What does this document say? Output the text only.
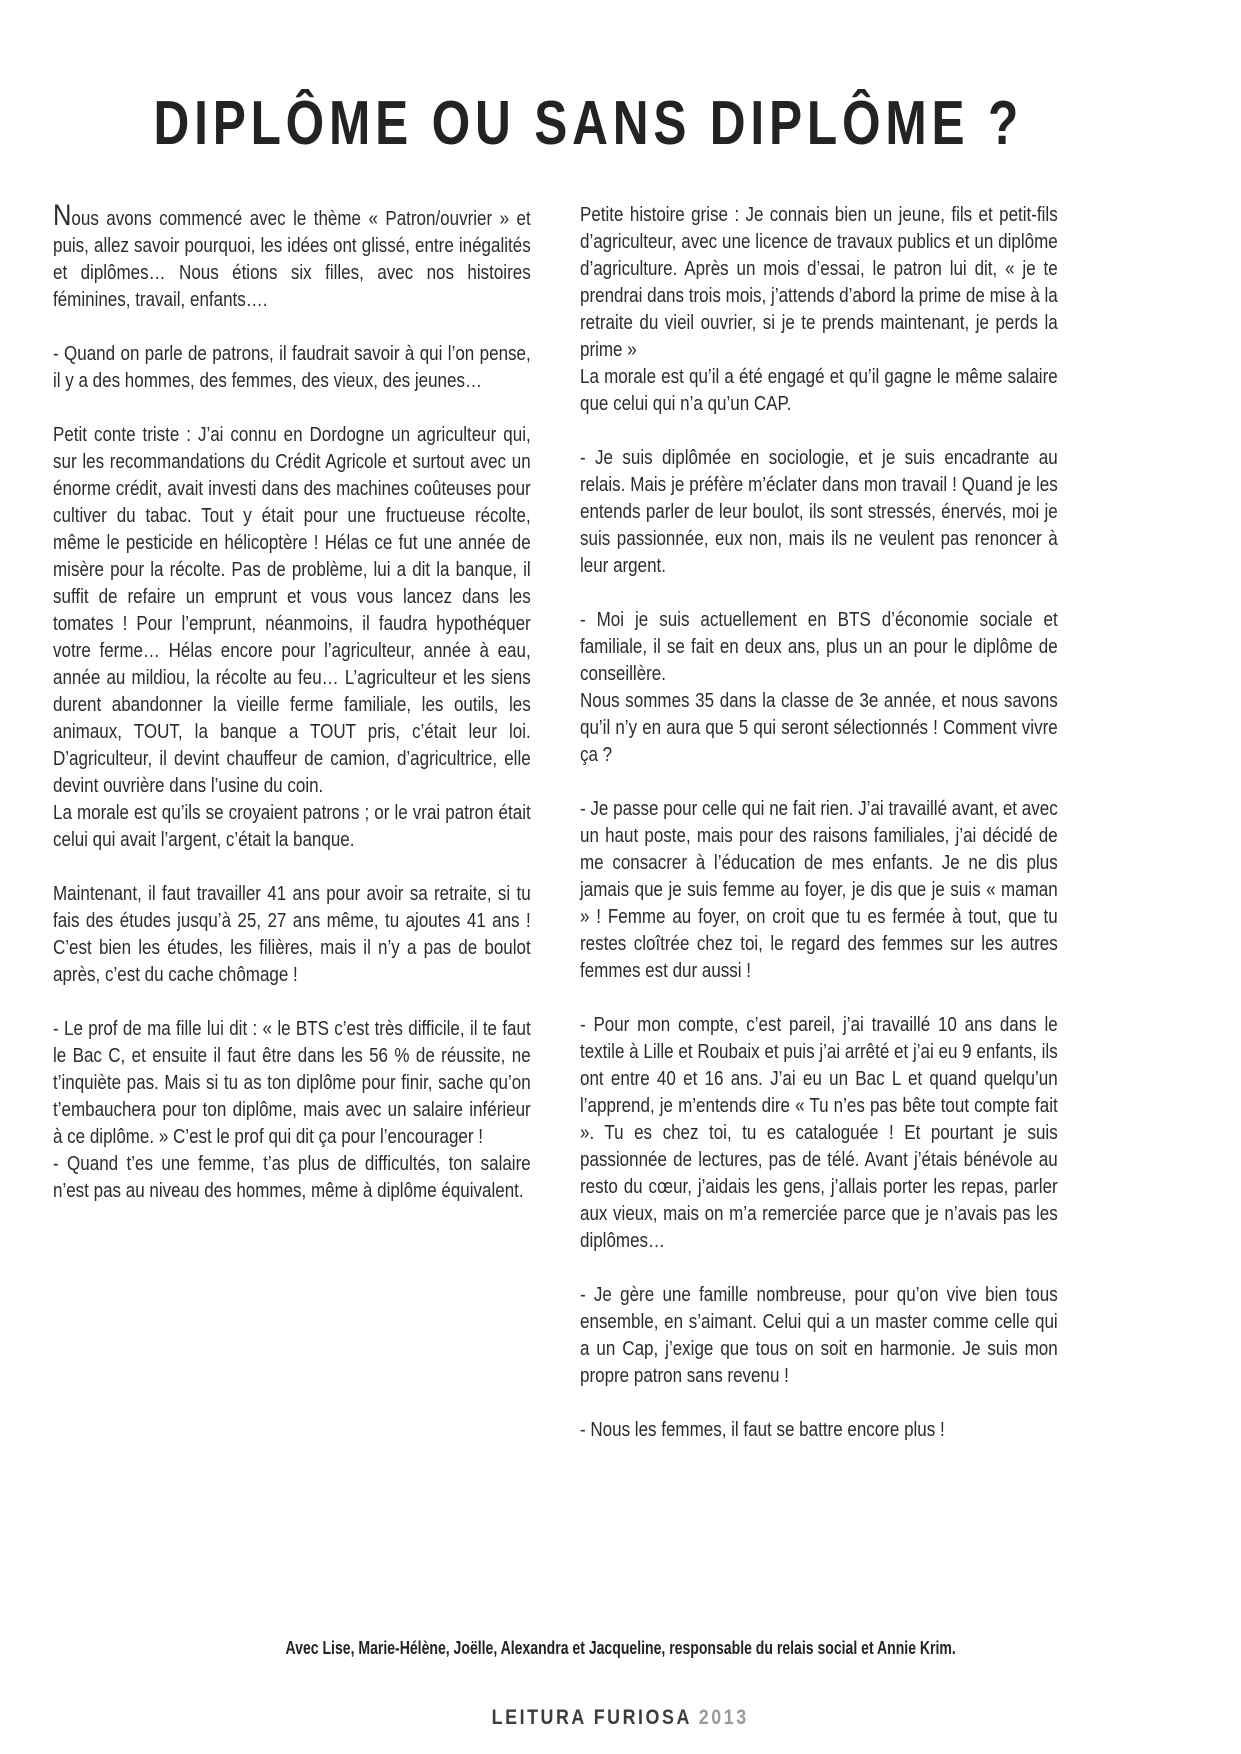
DIPLÔME OU SANS DIPLÔME ?

Nous avons commencé avec le thème « Patron/ouvrier » et puis, allez savoir pourquoi, les idées ont glissé, entre inégalités et diplômes… Nous étions six filles, avec nos histoires féminines, travail, enfants….

- Quand on parle de patrons, il faudrait savoir à qui l’on pense, il y a des hommes, des femmes, des vieux, des jeunes…

Petit conte triste : J’ai connu en Dordogne un agriculteur qui, sur les recommandations du Crédit Agricole et surtout avec un énorme crédit, avait investi dans des machines coûteuses pour cultiver du tabac. Tout y était pour une fructueuse récolte, même le pesticide en hélicoptère ! Hélas ce fut une année de misère pour la récolte. Pas de problème, lui a dit la banque, il suffit de refaire un emprunt et vous vous lancez dans les tomates ! Pour l’emprunt, néanmoins, il faudra hypothéquer votre ferme… Hélas encore pour l’agriculteur, année à eau, année au mildiou, la récolte au feu… L’agriculteur et les siens durent abandonner la vieille ferme familiale, les outils, les animaux, TOUT, la banque a TOUT pris, c’était leur loi. D’agriculteur, il devint chauffeur de camion, d’agricultrice, elle devint ouvrière dans l’usine du coin.

La morale est qu’ils se croyaient patrons ; or le vrai patron était celui qui avait l’argent, c’était la banque.

Maintenant, il faut travailler 41 ans pour avoir sa retraite, si tu fais des études jusqu’à 25, 27 ans même, tu ajoutes 41 ans ! C’est bien les études, les filières, mais il n’y a pas de boulot après, c’est du cache chômage !

- Le prof de ma fille lui dit : « le BTS c’est très difficile, il te faut le Bac C, et ensuite il faut être dans les 56 % de réussite, ne t’inquiète pas. Mais si tu as ton diplôme pour finir, sache qu’on t’embauchera pour ton diplôme, mais avec un salaire inférieur à ce diplôme. » C’est le prof qui dit ça pour l’encourager !

- Quand t’es une femme, t’as plus de difficultés, ton salaire n’est pas au niveau des hommes, même à diplôme équivalent.

Petite histoire grise : Je connais bien un jeune, fils et petit-fils d’agriculteur, avec une licence de travaux publics et un diplôme d’agriculture. Après un mois d’essai, le patron lui dit, « je te prendrai dans trois mois, j’attends d’abord la prime de mise à la retraite du vieil ouvrier, si je te prends maintenant, je perds la prime »

La morale est qu’il a été engagé et qu’il gagne le même salaire que celui qui n’a qu’un CAP.

- Je suis diplômée en sociologie, et je suis encadrante au relais. Mais je préfère m’éclater dans mon travail ! Quand je les entends parler de leur boulot, ils sont stressés, énervés, moi je suis passionnée, eux non, mais ils ne veulent pas renoncer à leur argent.

- Moi je suis actuellement en BTS d’économie sociale et familiale, il se fait en deux ans, plus un an pour le diplôme de conseillère.

Nous sommes 35 dans la classe de 3e année, et nous savons qu’il n’y en aura que 5 qui seront sélectionnés ! Comment vivre ça ?

- Je passe pour celle qui ne fait rien. J’ai travaillé avant, et avec un haut poste, mais pour des raisons familiales, j’ai décidé de me consacrer à l’éducation de mes enfants. Je ne dis plus jamais que je suis femme au foyer, je dis que je suis « maman » ! Femme au foyer, on croit que tu es fermée à tout, que tu restes cloîtrée chez toi, le regard des femmes sur les autres femmes est dur aussi !

- Pour mon compte, c’est pareil, j’ai travaillé 10 ans dans le textile à Lille et Roubaix et puis j’ai arrêté et j’ai eu 9 enfants, ils ont entre 40 et 16 ans. J’ai eu un Bac L et quand quelqu’un l’apprend, je m’entends dire « Tu n’es pas bête tout compte fait ». Tu es chez toi, tu es cataloguée ! Et pourtant je suis passionnée de lectures, pas de télé. Avant j’étais bénévole au resto du cœur, j’aidais les gens, j’allais porter les repas, parler aux vieux, mais on m’a remerciée parce que je n’avais pas les diplômes…

- Je gère une famille nombreuse, pour qu’on vive bien tous ensemble, en s’aimant. Celui qui a un master comme celle qui a un Cap, j’exige que tous on soit en harmonie. Je suis mon propre patron sans revenu !

- Nous les femmes, il faut se battre encore plus !

Avec Lise, Marie-Hélène, Joëlle, Alexandra et Jacqueline, responsable du relais social et Annie Krim.
LEITURA FURIOSA 2013
